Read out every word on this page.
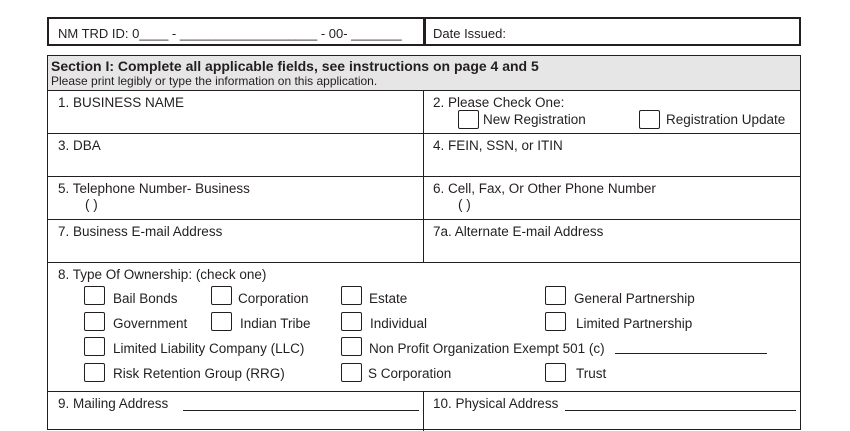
NM TRD ID: 0____ - ___________________ - 00- _______ Date Issued:
Section I: Complete all applicable fields, see instructions on page 4 and 5
Please print legibly or type the information on this application.
1. BUSINESS NAME	2. Please Check One:
New Registration	Registration Update
3. DBA	4. FEIN, SSN, or ITIN
5. Telephone Number- Business
( )
6. Cell, Fax, Or Other Phone Number
( )
7. Business E-mail Address	7a. Alternate E-mail Address
8. Type Of Ownership: (check one)
Bail Bonds	Corporation	Estate	General Partnership
Government	Indian Tribe	Individual	Limited Partnership
Limited Liability Company (LLC)	Non Profit Organization Exempt 501 (c)
Risk Retention Group (RRG)	S Corporation	Trust
9. Mailing Address	10. Physical Address
